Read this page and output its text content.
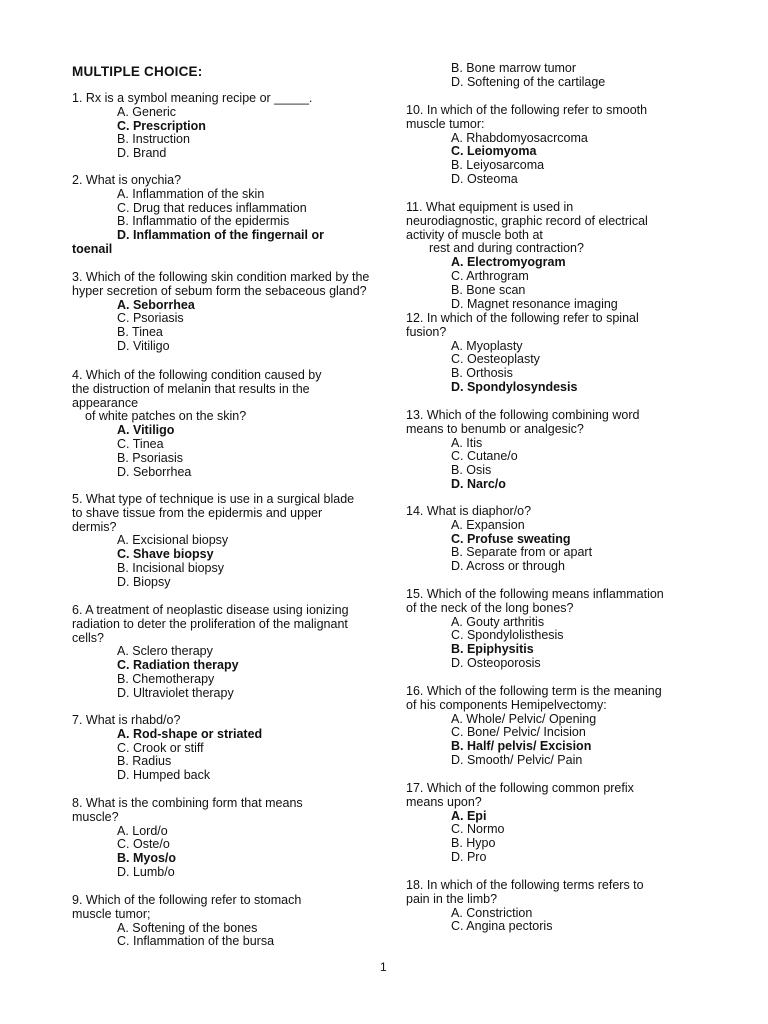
MULTIPLE CHOICE:
1. Rx is a symbol meaning recipe or _____.
A. Generic
C. Prescription
B. Instruction
D. Brand
2. What is onychia?
A. Inflammation of the skin
C. Drug that reduces inflammation
B. Inflammatio of the epidermis
D. Inflammation of the fingernail or
toenail
3. Which of the following skin condition marked by the
hyper secretion of sebum form the sebaceous gland?
A. Seborrhea
C. Psoriasis
B. Tinea
D. Vitiligo
4. Which of the following condition caused by
the distruction of melanin that results in the
appearance
of white patches on the skin?
A. Vitiligo
C. Tinea
B. Psoriasis
D. Seborrhea
5. What type of technique is use in a surgical blade
to shave tissue from the epidermis and upper
dermis?
A. Excisional biopsy
C. Shave biopsy
B. Incisional biopsy
D. Biopsy
6. A treatment of neoplastic disease using ionizing
radiation to deter the proliferation of the malignant
cells?
A. Sclero therapy
C. Radiation therapy
B. Chemotherapy
D. Ultraviolet therapy
7. What is rhabd/o?
A. Rod-shape or striated
C. Crook or stiff
B. Radius
D. Humped back
8. What is the combining form that means
muscle?
A. Lord/o
C. Oste/o
B. Myos/o
D. Lumb/o
9. Which of the following refer to stomach
muscle tumor;
A. Softening of the bones
C. Inflammation of the bursa
B. Bone marrow tumor
D. Softening of the cartilage
10. In which of the following refer to smooth
muscle tumor:
A. Rhabdomyosacrcoma
C. Leiomyoma
B. Leiyosarcoma
D. Osteoma
11. What equipment is used in
neurodiagnostic, graphic record of electrical
activity of muscle both at
rest and during contraction?
A. Electromyogram
C. Arthrogram
B. Bone scan
D. Magnet resonance imaging
12. In which of the following refer to spinal
fusion?
A. Myoplasty
C. Oesteoplasty
B. Orthosis
D. Spondylosyndesis
13. Which of the following combining word
means to benumb or analgesic?
A. Itis
C. Cutane/o
B. Osis
D. Narc/o
14. What is diaphor/o?
A. Expansion
C. Profuse sweating
B. Separate from or apart
D. Across or through
15. Which of the following means inflammation
of the neck of the long bones?
A. Gouty arthritis
C. Spondylolisthesis
B. Epiphysitis
D. Osteoporosis
16. Which of the following term is the meaning
of his components Hemipelvectomy:
A. Whole/ Pelvic/ Opening
C. Bone/ Pelvic/ Incision
B. Half/ pelvis/ Excision
D. Smooth/ Pelvic/ Pain
17. Which of the following common prefix
means upon?
A. Epi
C. Normo
B. Hypo
D. Pro
18. In which of the following terms refers to
pain in the limb?
A. Constriction
C. Angina pectoris
1
